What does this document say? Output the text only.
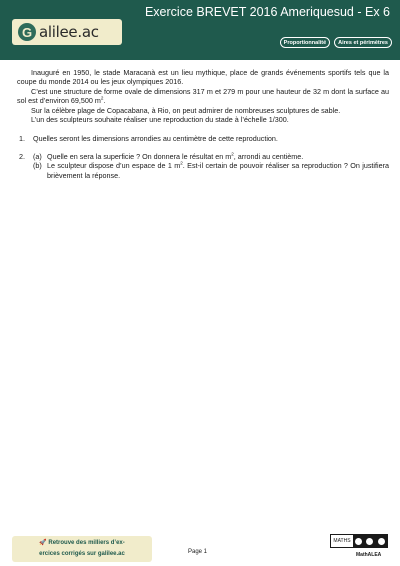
G alilee.ac
Exercice BREVET 2016 Ameriquesud - Ex 6
Proportionnalité	Aires et périmètres

Inauguré en 1950, le stade Maracanà est un lieu mythique, place de grands événements sportifs tels que la coupe du monde 2014 ou les jeux olympiques 2016.

C’est une structure de forme ovale de dimensions 317 m et 279 m pour une hauteur de 32 m dont la surface au sol est d’environ 69,500 $m^2$.

Sur la célèbre plage de Copacabana, à Rio, on peut admirer de nombreuses sculptures de sable.

L’un des sculpteurs souhaite réaliser une reproduction du stade à l’échelle 1/300.

1.	Quelles seront les dimensions arrondies au centimètre de cette reproduction.
2.	(a) Quelle en sera la superficie ? On donnera le résultat en $m^2$, arrondi au centième.
(b) Le sculpteur dispose d’un espace de 1 $m^2$. Est-il certain de pouvoir réaliser sa reproduction ? On justifiera brièvement la réponse.
🚀 Retrouve des milliers d’ex-
ercices corrigés sur galilee.ac	Page 1
MATHS
MathALEA
